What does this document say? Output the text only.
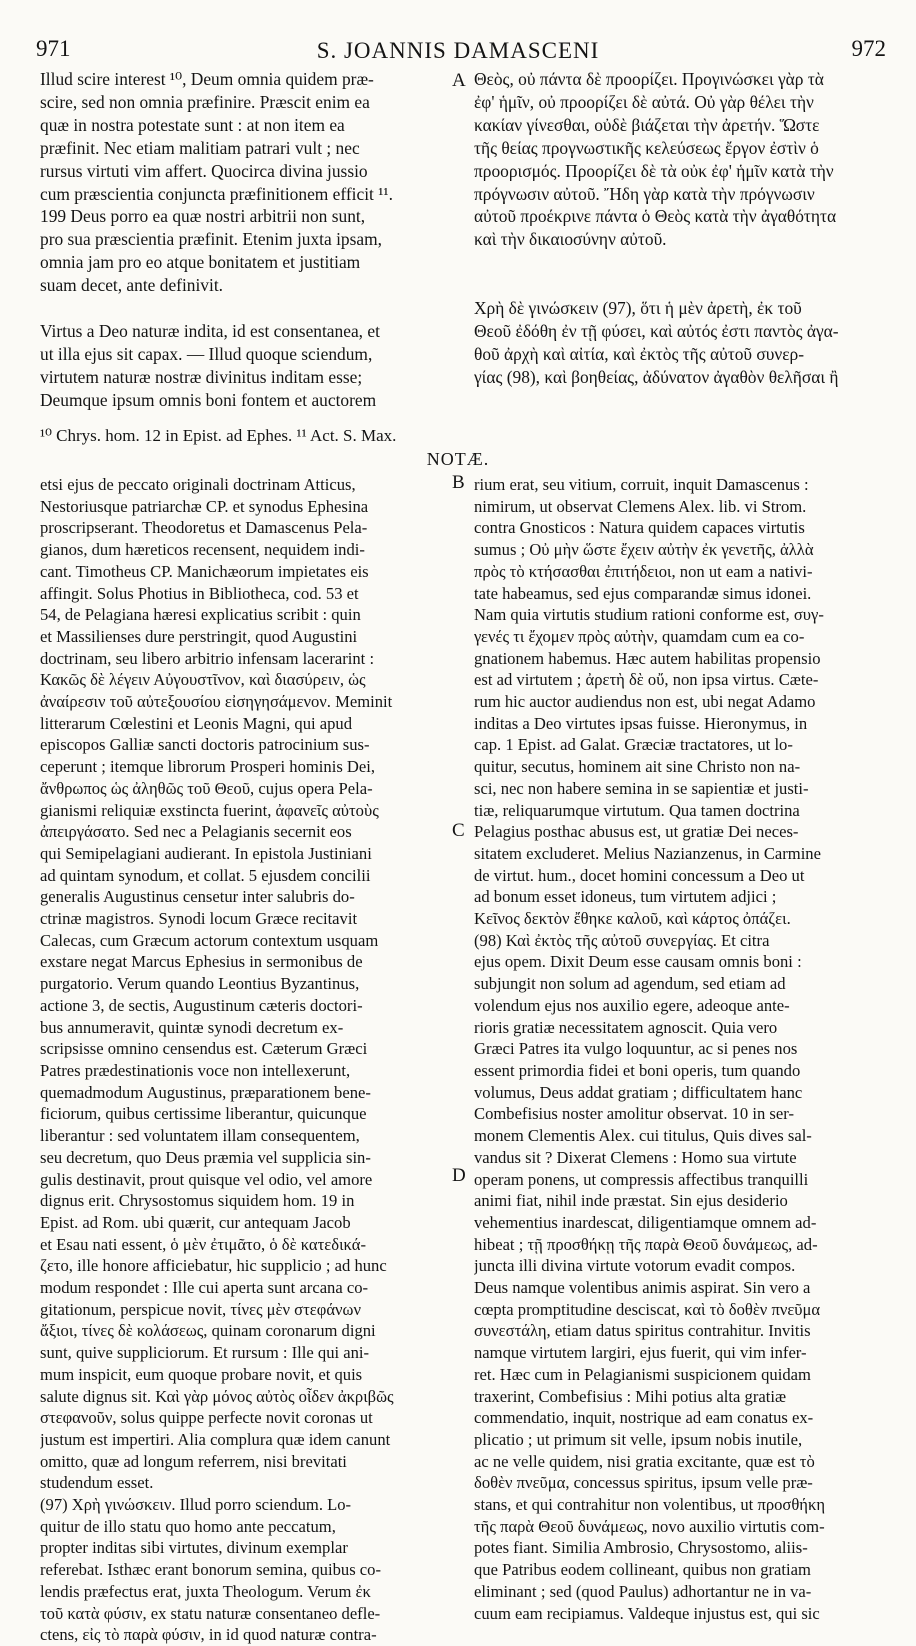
971	S. JOANNIS DAMASCENI	972
A
B
C
D
Illud scire interest ¹⁰, Deum omnia quidem præ-
scire, sed non omnia præfinire. Præscit enim ea
quæ in nostra potestate sunt : at non item ea
præfinit. Nec etiam malitiam patrari vult ; nec
rursus virtuti vim affert. Quocirca divina jussio
cum præscientia conjuncta præfinitionem efficit ¹¹.
199 Deus porro ea quæ nostri arbitrii non sunt,
pro sua præscientia præfinit. Etenim juxta ipsam,
omnia jam pro eo atque bonitatem et justitiam
suam decet, ante definivit.

Virtus a Deo naturæ indita, id est consentanea, et
ut illa ejus sit capax. — Illud quoque sciendum,
virtutem naturæ nostræ divinitus inditam esse;
Deumque ipsum omnis boni fontem et auctorem
Θεὸς, οὐ πάντα δὲ προορίζει. Προγινώσκει γὰρ τὰ
ἐφ' ἡμῖν, οὐ προορίζει δὲ αὐτά. Οὐ γὰρ θέλει τὴν
κακίαν γίνεσθαι, οὐδὲ βιάζεται τὴν ἀρετήν. Ὥστε
τῆς θείας προγνωστικῆς κελεύσεως ἔργον ἐστὶν ὁ
προορισμός. Προορίζει δὲ τὰ οὐκ ἐφ' ἡμῖν κατὰ τὴν
πρόγνωσιν αὐτοῦ. Ἤδη γὰρ κατὰ τὴν πρόγνωσιν
αὐτοῦ προέκρινε πάντα ὁ Θεὸς κατὰ τὴν ἀγαθότητα
καὶ τὴν δικαιοσύνην αὐτοῦ.

Χρὴ δὲ γινώσκειν (97), ὅτι ἡ μὲν ἀρετὴ, ἐκ τοῦ
Θεοῦ ἐδόθη ἐν τῇ φύσει, καὶ αὐτός ἐστι παντὸς ἀγα-
θοῦ ἀρχὴ καὶ αἰτία, καὶ ἐκτὸς τῆς αὐτοῦ συνερ-
γίας (98), καὶ βοηθείας, ἀδύνατον ἀγαθὸν θελῆσαι ἢ
¹⁰ Chrys. hom. 12 in Epist. ad Ephes. ¹¹ Act. S. Max.
NOTÆ.
etsi ejus de peccato originali doctrinam Atticus,
Nestoriusque patriarchæ CP. et synodus Ephesina
proscripserant. Theodoretus et Damascenus Pela-
gianos, dum hæreticos recensent, nequidem indi-
cant. Timotheus CP. Manichæorum impietates eis
affingit. Solus Photius in Bibliotheca, cod. 53 et
54, de Pelagiana hæresi explicatius scribit : quin
et Massilienses dure perstringit, quod Augustini
doctrinam, seu libero arbitrio infensam lacerarint :
Κακῶς δὲ λέγειν Αὐγουστῖνον, καὶ διασύρειν, ὡς
ἀναίρεσιν τοῦ αὐτεξουσίου εἰσηγησάμενον. Meminit
litterarum Cœlestini et Leonis Magni, qui apud
episcopos Galliæ sancti doctoris patrocinium sus-
ceperunt ; itemque librorum Prosperi hominis Dei,
ἄνθρωπος ὡς ἀληθῶς τοῦ Θεοῦ, cujus opera Pela-
gianismi reliquiæ exstincta fuerint, ἀφανεῖς αὐτοὺς
ἀπειργάσατο. Sed nec a Pelagianis secernit eos
qui Semipelagiani audierant. In epistola Justiniani
ad quintam synodum, et collat. 5 ejusdem concilii
generalis Augustinus censetur inter salubris do-
ctrinæ magistros. Synodi locum Græce recitavit
Calecas, cum Græcum actorum contextum usquam
exstare negat Marcus Ephesius in sermonibus de
purgatorio. Verum quando Leontius Byzantinus,
actione 3, de sectis, Augustinum cæteris doctori-
bus annumeravit, quintæ synodi decretum ex-
scripsisse omnino censendus est. Cæterum Græci
Patres prædestinationis voce non intellexerunt,
quemadmodum Augustinus, præparationem bene-
ficiorum, quibus certissime liberantur, quicunque
liberantur : sed voluntatem illam consequentem,
seu decretum, quo Deus præmia vel supplicia sin-
gulis destinavit, prout quisque vel odio, vel amore
dignus erit. Chrysostomus siquidem hom. 19 in
Epist. ad Rom. ubi quærit, cur antequam Jacob
et Esau nati essent, ὁ μὲν ἐτιμᾶτο, ὁ δὲ κατεδικά-
ζετο, ille honore afficiebatur, hic supplicio ; ad hunc
modum respondet : Ille cui aperta sunt arcana co-
gitationum, perspicue novit, τίνες μὲν στεφάνων
ἄξιοι, τίνες δὲ κολάσεως, quinam coronarum digni
sunt, quive suppliciorum. Et rursum : Ille qui ani-
mum inspicit, eum quoque probare novit, et quis
salute dignus sit. Καὶ γὰρ μόνος αὐτὸς οἶδεν ἀκριβῶς
στεφανοῦν, solus quippe perfecte novit coronas ut
justum est impertiri. Alia complura quæ idem canunt
omitto, quæ ad longum referrem, nisi brevitati
studendum esset.
(97) Χρὴ γινώσκειν. Illud porro sciendum. Lo-
quitur de illo statu quo homo ante peccatum,
propter inditas sibi virtutes, divinum exemplar
referebat. Isthæc erant bonorum semina, quibus co-
lendis præfectus erat, juxta Theologum. Verum ἐκ
τοῦ κατὰ φύσιν, ex statu naturæ consentaneo defle-
ctens, εἰς τὸ παρὰ φύσιν, in id quod naturæ contra-
rium erat, seu vitium, corruit, inquit Damascenus :
nimirum, ut observat Clemens Alex. lib. vi Strom.
contra Gnosticos : Natura quidem capaces virtutis
sumus ; Οὐ μὴν ὥστε ἔχειν αὐτὴν ἐκ γενετῆς, ἀλλὰ
πρὸς τὸ κτήσασθαι ἐπιτήδειοι, non ut eam a nativi-
tate habeamus, sed ejus comparandæ simus idonei.
Nam quia virtutis studium rationi conforme est, συγ-
γενές τι ἔχομεν πρὸς αὐτὴν, quamdam cum ea co-
gnationem habemus. Hæc autem habilitas propensio
est ad virtutem ; ἀρετὴ δὲ οὔ, non ipsa virtus. Cæte-
rum hic auctor audiendus non est, ubi negat Adamo
inditas a Deo virtutes ipsas fuisse. Hieronymus, in
cap. 1 Epist. ad Galat. Græciæ tractatores, ut lo-
quitur, secutus, hominem ait sine Christo non na-
sci, nec non habere semina in se sapientiæ et justi-
tiæ, reliquarumque virtutum. Qua tamen doctrina
Pelagius posthac abusus est, ut gratiæ Dei neces-
sitatem excluderet. Melius Nazianzenus, in Carmine
de virtut. hum., docet homini concessum a Deo ut
ad bonum esset idoneus, tum virtutem adjici ;
Κεῖνος δεκτὸν ἔθηκε καλοῦ, καὶ κάρτος ὀπάζει.
(98) Καὶ ἐκτὸς τῆς αὐτοῦ συνεργίας. Et citra
ejus opem. Dixit Deum esse causam omnis boni :
subjungit non solum ad agendum, sed etiam ad
volendum ejus nos auxilio egere, adeoque ante-
rioris gratiæ necessitatem agnoscit. Quia vero
Græci Patres ita vulgo loquuntur, ac si penes nos
essent primordia fidei et boni operis, tum quando
volumus, Deus addat gratiam ; difficultatem hanc
Combefisius noster amolitur observat. 10 in ser-
monem Clementis Alex. cui titulus, Quis dives sal-
vandus sit ? Dixerat Clemens : Homo sua virtute
operam ponens, ut compressis affectibus tranquilli
animi fiat, nihil inde præstat. Sin ejus desiderio
vehementius inardescat, diligentiamque omnem ad-
hibeat ; τῇ προσθήκῃ τῆς παρὰ Θεοῦ δυνάμεως, ad-
juncta illi divina virtute votorum evadit compos.
Deus namque volentibus animis aspirat. Sin vero a
cœpta promptitudine desciscat, καὶ τὸ δοθὲν πνεῦμα
συνεστάλη, etiam datus spiritus contrahitur. Invitis
namque virtutem largiri, ejus fuerit, qui vim infer-
ret. Hæc cum in Pelagianismi suspicionem quidam
traxerint, Combefisius : Mihi potius alta gratiæ
commendatio, inquit, nostrique ad eam conatus ex-
plicatio ; ut primum sit velle, ipsum nobis inutile,
ac ne velle quidem, nisi gratia excitante, quæ est τὸ
δοθὲν πνεῦμα, concessus spiritus, ipsum velle præ-
stans, et qui contrahitur non volentibus, ut προσθήκη
τῆς παρὰ Θεοῦ δυνάμεως, novo auxilio virtutis com-
potes fiant. Similia Ambrosio, Chrysostomo, aliis-
que Patribus eodem collineant, quibus non gratiam
eliminant ; sed (quod Paulus) adhortantur ne in va-
cuum eam recipiamus. Valdeque injustus est, qui sic
